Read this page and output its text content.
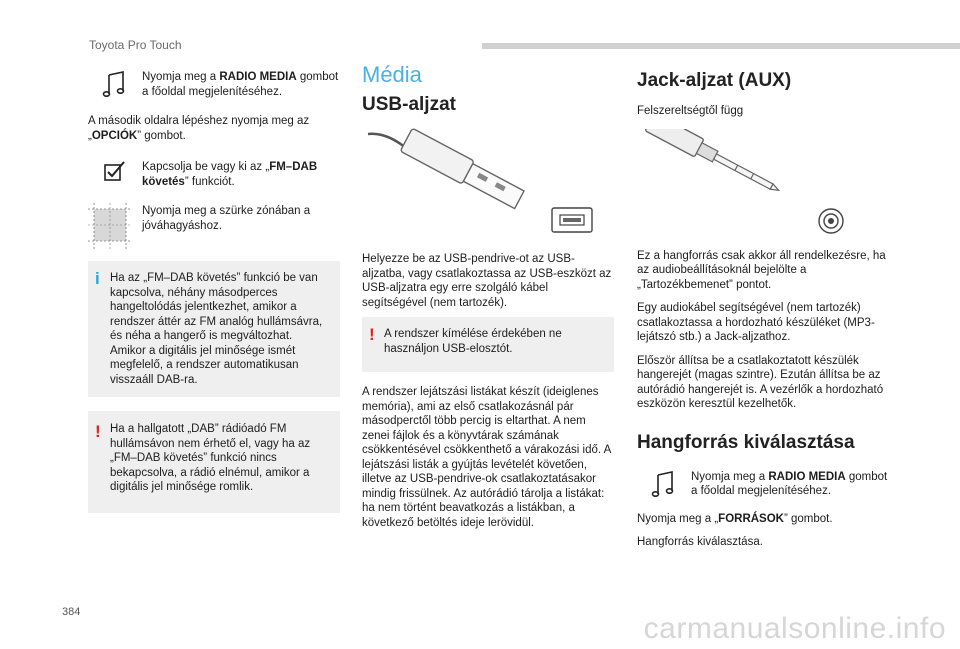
Toyota Pro Touch
Nyomja meg a RADIO MEDIA gombot a főoldal megjelenítéséhez.

A második oldalra lépéshez nyomja meg az „OPCIÓK” gombot.

Kapcsolja be vagy ki az „FM–DAB követés” funkciót.
Nyomja meg a szürke zónában a jóváhagyáshoz.
i Ha az „FM–DAB követés” funkció be van kapcsolva, néhány másodperces hangeltolódás jelentkezhet, amikor a rendszer áttér az FM analóg hullámsávra, és néha a hangerő is megváltozhat. Amikor a digitális jel minősége ismét megfelelő, a rendszer automatikusan visszaáll DAB-ra.
! Ha a hallgatott „DAB” rádióadó FM hullámsávon nem érhető el, vagy ha az „FM–DAB követés” funkció nincs bekapcsolva, a rádió elnémul, amikor a digitális jel minősége romlik.
Média
USB-aljzat

Helyezze be az USB-pendrive-ot az USB-aljzatba, vagy csatlakoztassa az USB-eszközt az USB-aljzatra egy erre szolgáló kábel segítségével (nem tartozék).

! A rendszer kímélése érdekében ne használjon USB-elosztót.

A rendszer lejátszási listákat készít (ideiglenes memória), ami az első csatlakozásnál pár másodperctől több percig is eltarthat. A nem zenei fájlok és a könyvtárak számának csökkentésével csökkenthető a várakozási idő. A lejátszási listák a gyújtás levételét követően, illetve az USB-pendrive-ok csatlakoztatásakor mindig frissülnek. Az autórádió tárolja a listákat: ha nem történt beavatkozás a listákban, a következő betöltés ideje lerövidül.

Jack-aljzat (AUX)

Felszereltségtől függ

Ez a hangforrás csak akkor áll rendelkezésre, ha az audiobeállításoknál bejelölte a „Tartozékbemenet” pontot.

Egy audiokábel segítségével (nem tartozék) csatlakoztassa a hordozható készüléket (MP3-lejátszó stb.) a Jack-aljzathoz.

Először állítsa be a csatlakoztatott készülék hangerejét (magas szintre). Ezután állítsa be az autórádió hangerejét is. A vezérlők a hordozható eszközön keresztül kezelhetők.

Hangforrás kiválasztása
Nyomja meg a RADIO MEDIA gombot a főoldal megjelenítéséhez.

Nyomja meg a „FORRÁSOK” gombot.

Hangforrás kiválasztása.

384	carmanualsonline.info
